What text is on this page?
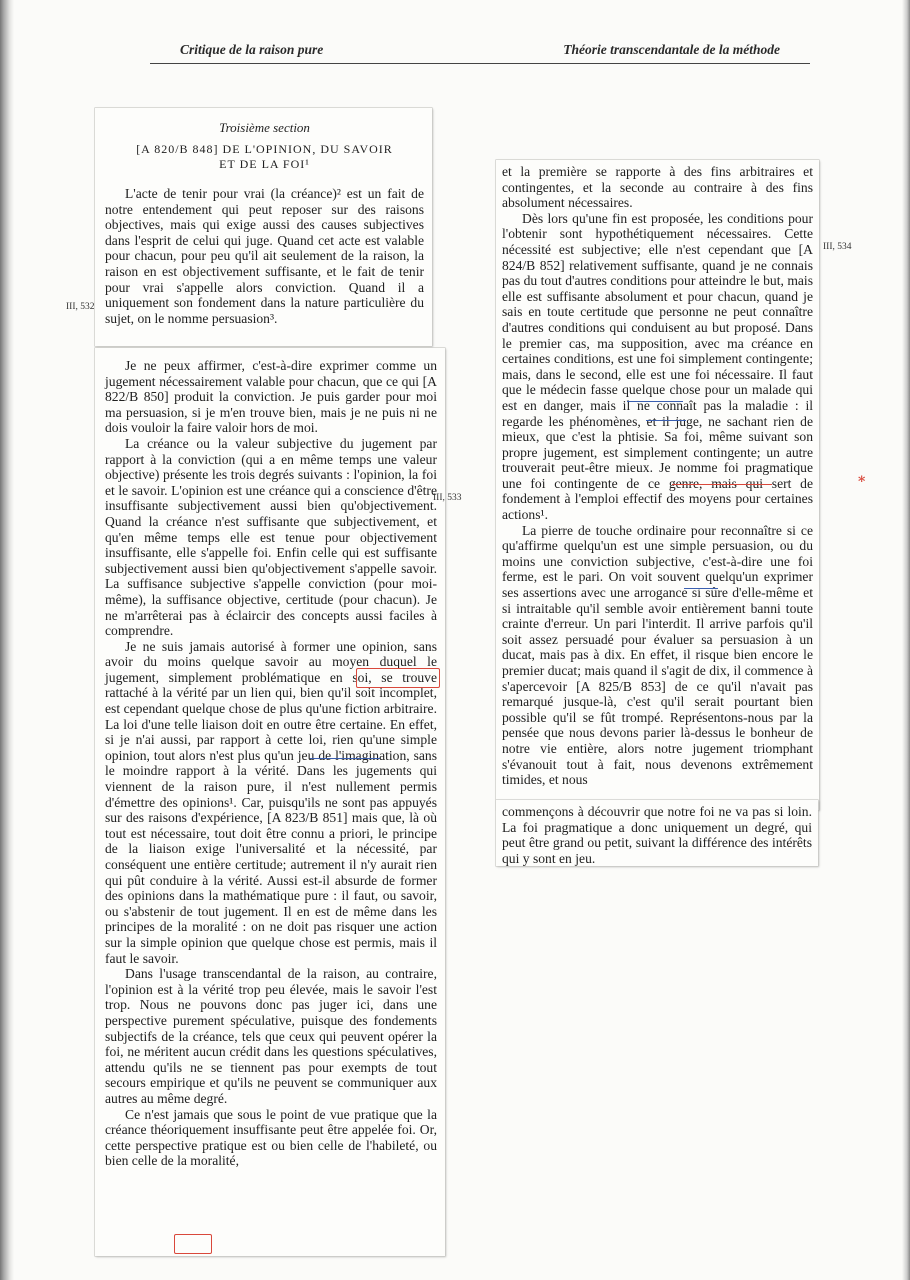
Critique de la raison pure	Théorie transcendantale de la méthode
Troisième section
[A 820/B 848] DE L'OPINION, DU SAVOIR
ET DE LA FOI¹

L'acte de tenir pour vrai (la créance)² est un fait de notre entendement qui peut reposer sur des raisons objectives, mais qui exige aussi des causes subjectives dans l'esprit de celui qui juge. Quand cet acte est valable pour chacun, pour peu qu'il ait seulement de la raison, la raison en est objectivement suffisante, et le fait de tenir pour vrai s'appelle alors conviction. Quand il a uniquement son fondement dans la nature particulière du sujet, on le nomme persuasion³.

Je ne peux affirmer, c'est-à-dire exprimer comme un jugement nécessairement valable pour chacun, que ce qui [A 822/B 850] produit la conviction. Je puis garder pour moi ma persuasion, si je m'en trouve bien, mais je ne puis ni ne dois vouloir la faire valoir hors de moi.

La créance ou la valeur subjective du jugement par rapport à la conviction (qui a en même temps une valeur objective) présente les trois degrés suivants : l'opinion, la foi et le savoir. L'opinion est une créance qui a conscience d'être insuffisante subjectivement aussi bien qu'objectivement. Quand la créance n'est suffisante que subjectivement, et qu'en même temps elle est tenue pour objectivement insuffisante, elle s'appelle foi. Enfin celle qui est suffisante subjectivement aussi bien qu'objectivement s'appelle savoir. La suffisance subjective s'appelle conviction (pour moi-même), la suffisance objective, certitude (pour chacun). Je ne m'arrêterai pas à éclaircir des concepts aussi faciles à comprendre.

Je ne suis jamais autorisé à former une opinion, sans avoir du moins quelque savoir au moyen duquel le jugement, simplement problématique en soi, se trouve rattaché à la vérité par un lien qui, bien qu'il soit incomplet, est cependant quelque chose de plus qu'une fiction arbitraire. La loi d'une telle liaison doit en outre être certaine. En effet, si je n'ai aussi, par rapport à cette loi, rien qu'une simple opinion, tout alors n'est plus qu'un jeu de l'imagination, sans le moindre rapport à la vérité. Dans les jugements qui viennent de la raison pure, il n'est nullement permis d'émettre des opinions¹. Car, puisqu'ils ne sont pas appuyés sur des raisons d'expérience, [A 823/B 851] mais que, là où tout est nécessaire, tout doit être connu a priori, le principe de la liaison exige l'universalité et la nécessité, par conséquent une entière certitude; autrement il n'y aurait rien qui pût conduire à la vérité. Aussi est-il absurde de former des opinions dans la mathématique pure : il faut, ou savoir, ou s'abstenir de tout jugement. Il en est de même dans les principes de la moralité : on ne doit pas risquer une action sur la simple opinion que quelque chose est permis, mais il faut le savoir.

Dans l'usage transcendantal de la raison, au contraire, l'opinion est à la vérité trop peu élevée, mais le savoir l'est trop. Nous ne pouvons donc pas juger ici, dans une perspective purement spéculative, puisque des fondements subjectifs de la créance, tels que ceux qui peuvent opérer la foi, ne méritent aucun crédit dans les questions spéculatives, attendu qu'ils ne se tiennent pas pour exempts de tout secours empirique et qu'ils ne peuvent se communiquer aux autres au même degré.

Ce n'est jamais que sous le point de vue pratique que la créance théoriquement insuffisante peut être appelée foi. Or, cette perspective pratique est ou bien celle de l'habileté, ou bien celle de la moralité,

et la première se rapporte à des fins arbitraires et contingentes, et la seconde au contraire à des fins absolument nécessaires.

Dès lors qu'une fin est proposée, les conditions pour l'obtenir sont hypothétiquement nécessaires. Cette nécessité est subjective; elle n'est cependant que [A 824/B 852] relativement suffisante, quand je ne connais pas du tout d'autres conditions pour atteindre le but, mais elle est suffisante absolument et pour chacun, quand je sais en toute certitude que personne ne peut connaître d'autres conditions qui conduisent au but proposé. Dans le premier cas, ma supposition, avec ma créance en certaines conditions, est une foi simplement contingente; mais, dans le second, elle est une foi nécessaire. Il faut que le médecin fasse quelque chose pour un malade qui est en danger, mais il ne connaît pas la maladie : il regarde les phénomènes, et il juge, ne sachant rien de mieux, que c'est la phtisie. Sa foi, même suivant son propre jugement, est simplement contingente; un autre trouverait peut-être mieux. Je nomme foi pragmatique une foi contingente de ce genre, mais qui sert de fondement à l'emploi effectif des moyens pour certaines actions¹.

La pierre de touche ordinaire pour reconnaître si ce qu'affirme quelqu'un est une simple persuasion, ou du moins une conviction subjective, c'est-à-dire une foi ferme, est le pari. On voit souvent quelqu'un exprimer ses assertions avec une arrogance si sûre d'elle-même et si intraitable qu'il semble avoir entièrement banni toute crainte d'erreur. Un pari l'interdit. Il arrive parfois qu'il soit assez persuadé pour évaluer sa persuasion à un ducat, mais pas à dix. En effet, il risque bien encore le premier ducat; mais quand il s'agit de dix, il commence à s'apercevoir [A 825/B 853] de ce qu'il n'avait pas remarqué jusque-là, c'est qu'il serait pourtant bien possible qu'il se fût trompé. Représentons-nous par la pensée que nous devons parier là-dessus le bonheur de notre vie entière, alors notre jugement triomphant s'évanouit tout à fait, nous devenons extrêmement timides, et nous

commençons à découvrir que notre foi ne va pas si loin. La foi pragmatique a donc uniquement un degré, qui peut être grand ou petit, suivant la différence des intérêts qui y sont en jeu.

III, 532
III, 533
III, 534
*
